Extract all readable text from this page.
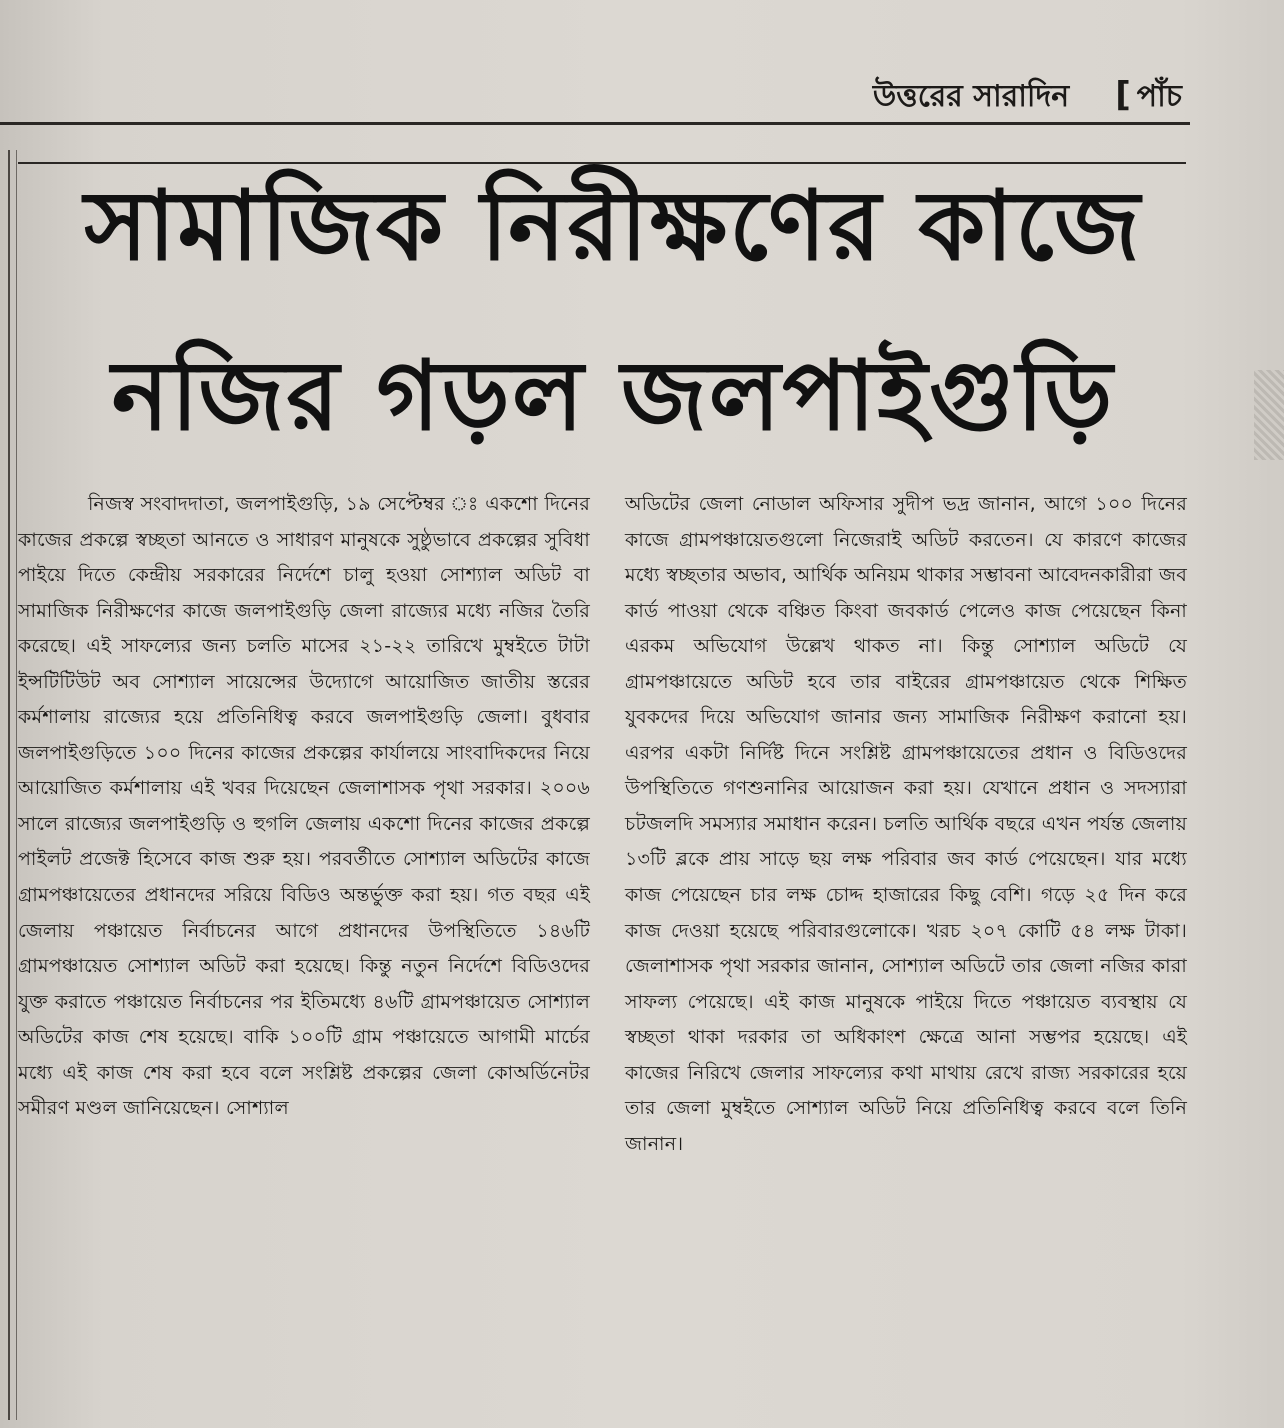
উত্তরের সারাদিন [ পাঁচ
সামাজিক নিরীক্ষণের কাজে
নজির গড়ল জলপাইগুড়ি

নিজস্ব সংবাদদাতা, জলপাইগুড়ি, ১৯ সেপ্টেম্বর ঃ একশো দিনের কাজের প্রকল্পে স্বচ্ছতা আনতে ও সাধারণ মানুষকে সুষ্ঠুভাবে প্রকল্পের সুবিধা পাইয়ে দিতে কেন্দ্রীয় সরকারের নির্দেশে চালু হওয়া সোশ্যাল অডিট বা সামাজিক নিরীক্ষণের কাজে জলপাইগুড়ি জেলা রাজ্যের মধ্যে নজির তৈরি করেছে। এই সাফল্যের জন্য চলতি মাসের ২১-২২ তারিখে মুম্বইতে টাটা ইন্সটিটিউট অব সোশ্যাল সায়েন্সের উদ্যোগে আয়োজিত জাতীয় স্তরের কর্মশালায় রাজ্যের হয়ে প্রতিনিধিত্ব করবে জলপাইগুড়ি জেলা। বুধবার জলপাইগুড়িতে ১০০ দিনের কাজের প্রকল্পের কার্যালয়ে সাংবাদিকদের নিয়ে আয়োজিত কর্মশালায় এই খবর দিয়েছেন জেলাশাসক পৃথা সরকার। ২০০৬ সালে রাজ্যের জলপাইগুড়ি ও হুগলি জেলায় একশো দিনের কাজের প্রকল্পে পাইলট প্রজেক্ট হিসেবে কাজ শুরু হয়। পরবর্তীতে সোশ্যাল অডিটের কাজে গ্রামপঞ্চায়েতের প্রধানদের সরিয়ে বিডিও অন্তর্ভুক্ত করা হয়। গত বছর এই জেলায় পঞ্চায়েত নির্বাচনের আগে প্রধানদের উপস্থিতিতে ১৪৬টি গ্রামপঞ্চায়েত সোশ্যাল অডিট করা হয়েছে। কিন্তু নতুন নির্দেশে বিডিওদের যুক্ত করাতে পঞ্চায়েত নির্বাচনের পর ইতিমধ্যে ৪৬টি গ্রামপঞ্চায়েত সোশ্যাল অডিটের কাজ শেষ হয়েছে। বাকি ১০০টি গ্রাম পঞ্চায়েতে আগামী মার্চের মধ্যে এই কাজ শেষ করা হবে বলে সংশ্লিষ্ট প্রকল্পের জেলা কোঅর্ডিনেটর সমীরণ মণ্ডল জানিয়েছেন। সোশ্যাল

অডিটের জেলা নোডাল অফিসার সুদীপ ভদ্র জানান, আগে ১০০ দিনের কাজে গ্রামপঞ্চায়েতগুলো নিজেরাই অডিট করতেন। যে কারণে কাজের মধ্যে স্বচ্ছতার অভাব, আর্থিক অনিয়ম থাকার সম্ভাবনা আবেদনকারীরা জব কার্ড পাওয়া থেকে বঞ্চিত কিংবা জবকার্ড পেলেও কাজ পেয়েছেন কিনা এরকম অভিযোগ উল্লেখ থাকত না। কিন্তু সোশ্যাল অডিটে যে গ্রামপঞ্চায়েতে অডিট হবে তার বাইরের গ্রামপঞ্চায়েত থেকে শিক্ষিত যুবকদের দিয়ে অভিযোগ জানার জন্য সামাজিক নিরীক্ষণ করানো হয়। এরপর একটা নির্দিষ্ট দিনে সংশ্লিষ্ট গ্রামপঞ্চায়েতের প্রধান ও বিডিওদের উপস্থিতিতে গণশুনানির আয়োজন করা হয়। যেখানে প্রধান ও সদস্যারা চটজলদি সমস্যার সমাধান করেন। চলতি আর্থিক বছরে এখন পর্যন্ত জেলায় ১৩টি ব্লকে প্রায় সাড়ে ছয় লক্ষ পরিবার জব কার্ড পেয়েছেন। যার মধ্যে কাজ পেয়েছেন চার লক্ষ চোদ্দ হাজারের কিছু বেশি। গড়ে ২৫ দিন করে কাজ দেওয়া হয়েছে পরিবারগুলোকে। খরচ ২০৭ কোটি ৫৪ লক্ষ টাকা। জেলাশাসক পৃথা সরকার জানান, সোশ্যাল অডিটে তার জেলা নজির কারা সাফল্য পেয়েছে। এই কাজ মানুষকে পাইয়ে দিতে পঞ্চায়েত ব্যবস্থায় যে স্বচ্ছতা থাকা দরকার তা অধিকাংশ ক্ষেত্রে আনা সম্ভপর হয়েছে। এই কাজের নিরিখে জেলার সাফল্যের কথা মাথায় রেখে রাজ্য সরকারের হয়ে তার জেলা মুম্বইতে সোশ্যাল অডিট নিয়ে প্রতিনিধিত্ব করবে বলে তিনি জানান।
